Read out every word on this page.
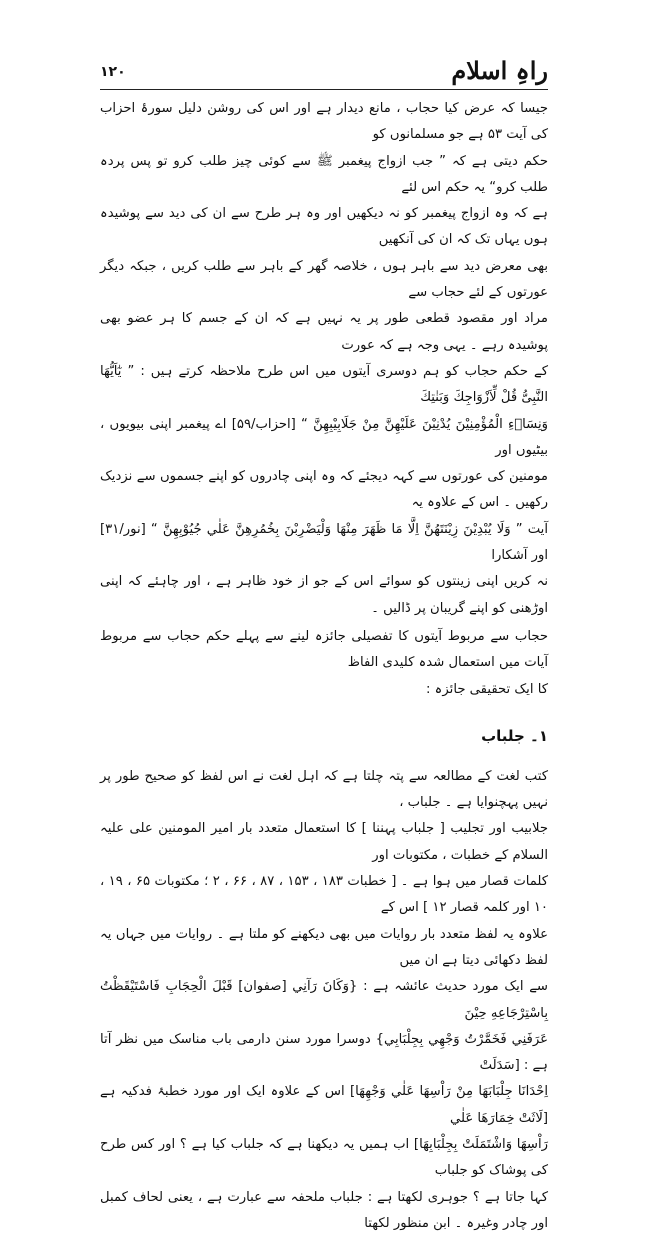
۱۲۰	راہِ اسلام

جیسا کہ عرض کیا حجاب ، مانع دیدار ہے اور اس کی روشن دلیل سورۂ احزاب کی آیت ۵۳ ہے جو مسلمانوں کو
حکم دیتی ہے کہ ” جب ازواج پیغمبر ﷺ سے کوئی چیز طلب کرو تو پس پردہ طلب کرو“ یہ حکم اس لئے
ہے کہ وہ ازواج پیغمبر کو نہ دیکھیں اور وہ ہر طرح سے ان کی دید سے پوشیدہ ہوں یہاں تک کہ ان کی آنکھیں
بھی معرض دید سے باہر ہوں ، خلاصہ گھر کے باہر سے طلب کریں ، جبکہ دیگر عورتوں کے لئے حجاب سے
مراد اور مقصود قطعی طور پر یہ نہیں ہے کہ ان کے جسم کا ہر عضو بھی پوشیدہ رہے ۔ یہی وجہ ہے کہ عورت
کے حکم حجاب کو ہم دوسری آیتوں میں اس طرح ملاحظہ کرتے ہیں : ” یٰٓاَیُّھَا النَّبِیُّ قُلْ لِّاَزْوَاجِكَ وَبَنٰتِكَ
وَنِسَاۗءِ الْمُؤْمِنِيْنَ يُدْنِيْنَ عَلَيْهِنَّ مِنْ جَلَابِيْبِهِنَّ “ [احزاب/۵۹] اے پیغمبر اپنی بیویوں ، بیٹیوں اور
مومنین کی عورتوں سے کہہ دیجئے کہ وہ اپنی چادروں کو اپنے جسموں سے نزدیک رکھیں ۔ اس کے علاوہ یہ
آیت ” وَلَا يُبْدِيْنَ زِيْنَتَهُنَّ اِلَّا مَا ظَهَرَ مِنْهَا وَلْيَضْرِبْنَ بِخُمُرِهِنَّ عَلٰي جُيُوْبِهِنَّ “ [نور/۳۱] اور آشکارا
نہ کریں اپنی زینتوں کو سوائے اس کے جو از خود ظاہر ہے ، اور چاہئے کہ اپنی اوڑھنی کو اپنے گریبان پر ڈالیں ۔

حجاب سے مربوط آیتوں کا تفصیلی جائزہ لینے سے پہلے حکم حجاب سے مربوط آیات میں استعمال شدہ کلیدی الفاظ
کا ایک تحقیقی جائزہ :

۱۔ جلباب

کتب لغت کے مطالعہ سے پتہ چلتا ہے کہ اہل لغت نے اس لفظ کو صحیح طور پر نہیں پہچنوایا ہے ۔ جلباب ،
جلابیب اور تجلیب [ جلباب پہننا ] کا استعمال متعدد بار امیر المومنین علی علیہ السلام کے خطبات ، مکتوبات اور
کلمات قصار میں ہوا ہے ۔ [ خطبات ۱۸۳ ، ۱۵۳ ، ۸۷ ، ۶۶ ، ۲ ؛ مکتوبات ۶۵ ، ۱۹ ، ۱۰ اور کلمہ قصار ۱۲ ] اس کے
علاوہ یہ لفظ متعدد بار روایات میں بھی دیکھنے کو ملتا ہے ۔ روایات میں جہاں یہ لفظ دکھائی دیتا ہے ان میں
سے ایک مورد حدیث عائشہ ہے : {وَكَانَ رَآنِي [صفوان] قَبْلَ الْحِجَابِ فَاسْتَيْقَظْتُ بِاسْتِرْجَاعِهِ حِيْنَ
عَرَفَنِي فَخَمَّرْتُ وَجْهِي بِجِلْبَابِي} دوسرا مورد سنن دارمی باب مناسک میں نظر آتا ہے : [سَدَلَتْ
اِحْدَانَا جِلْبَابَهَا مِنْ رَاْسِهَا عَلٰي وَجْهِهَا] اس کے علاوہ ایک اور مورد خطبۂ فدکیہ ہے [لَاثَتْ خِمَارَهَا عَلٰي
رَاْسِهَا وَاشْتَمَلَتْ بِجِلْبَابِهَا] اب ہمیں یہ دیکھنا ہے کہ جلباب کیا ہے ؟ اور کس طرح کی پوشاک کو جلباب
کہا جاتا ہے ؟ جوہری لکھتا ہے : جلباب ملحفہ سے عبارت ہے ، یعنی لحاف کمبل اور چادر وغیرہ ۔ ابن منظور لکھتا
